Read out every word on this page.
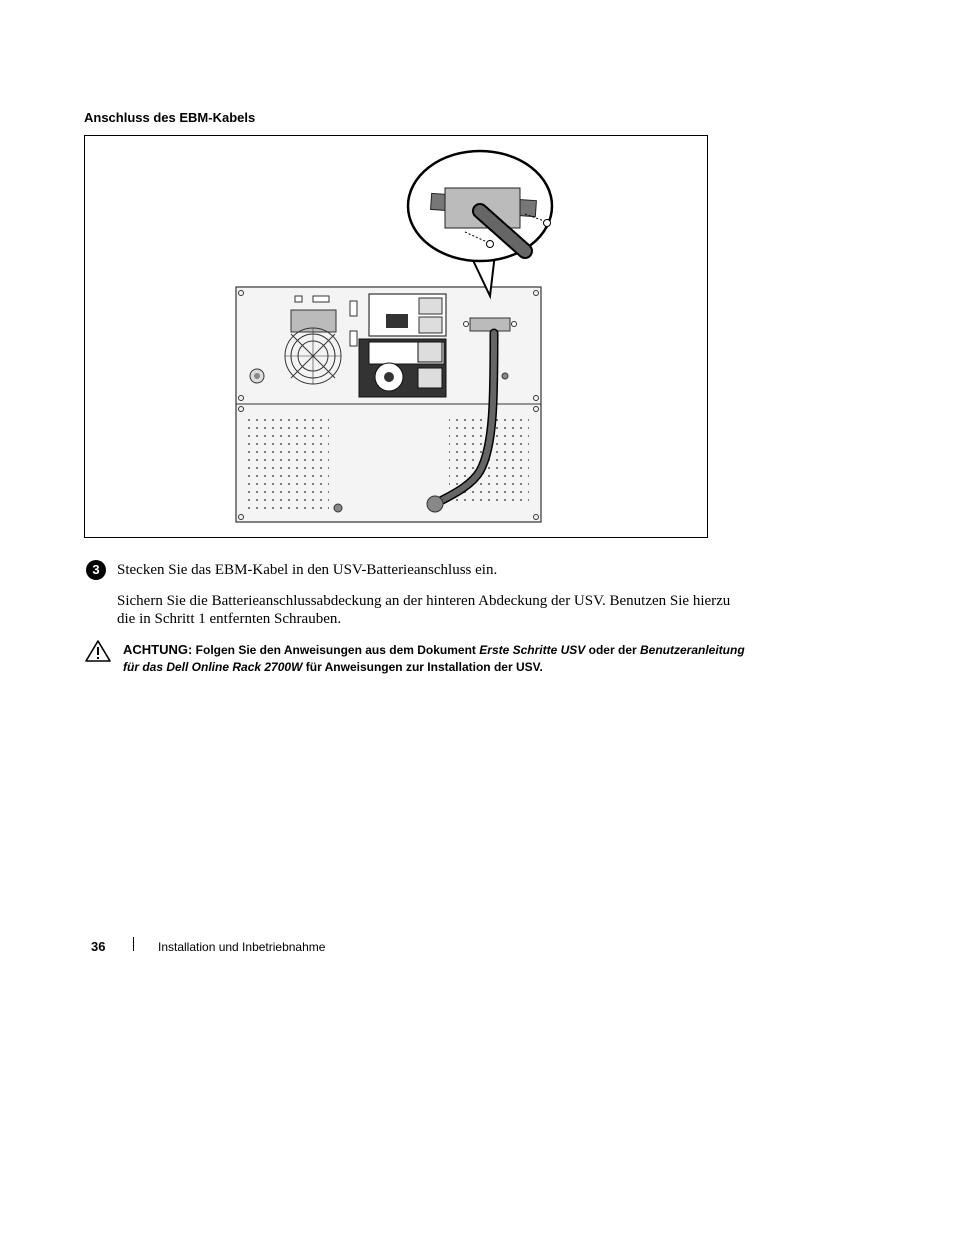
Anschluss des EBM-Kabels
3	Stecken Sie das EBM-Kabel in den USV-Batterieanschluss ein.
Sichern Sie die Batterieanschlussabdeckung an der hinteren Abdeckung der USV. Benutzen Sie hierzu die in Schritt 1 entfernten Schrauben.
ACHTUNG: Folgen Sie den Anweisungen aus dem Dokument Erste Schritte USV oder der Benutzeranleitung für das Dell Online Rack 2700W für Anweisungen zur Installation der USV.
36	Installation und Inbetriebnahme
